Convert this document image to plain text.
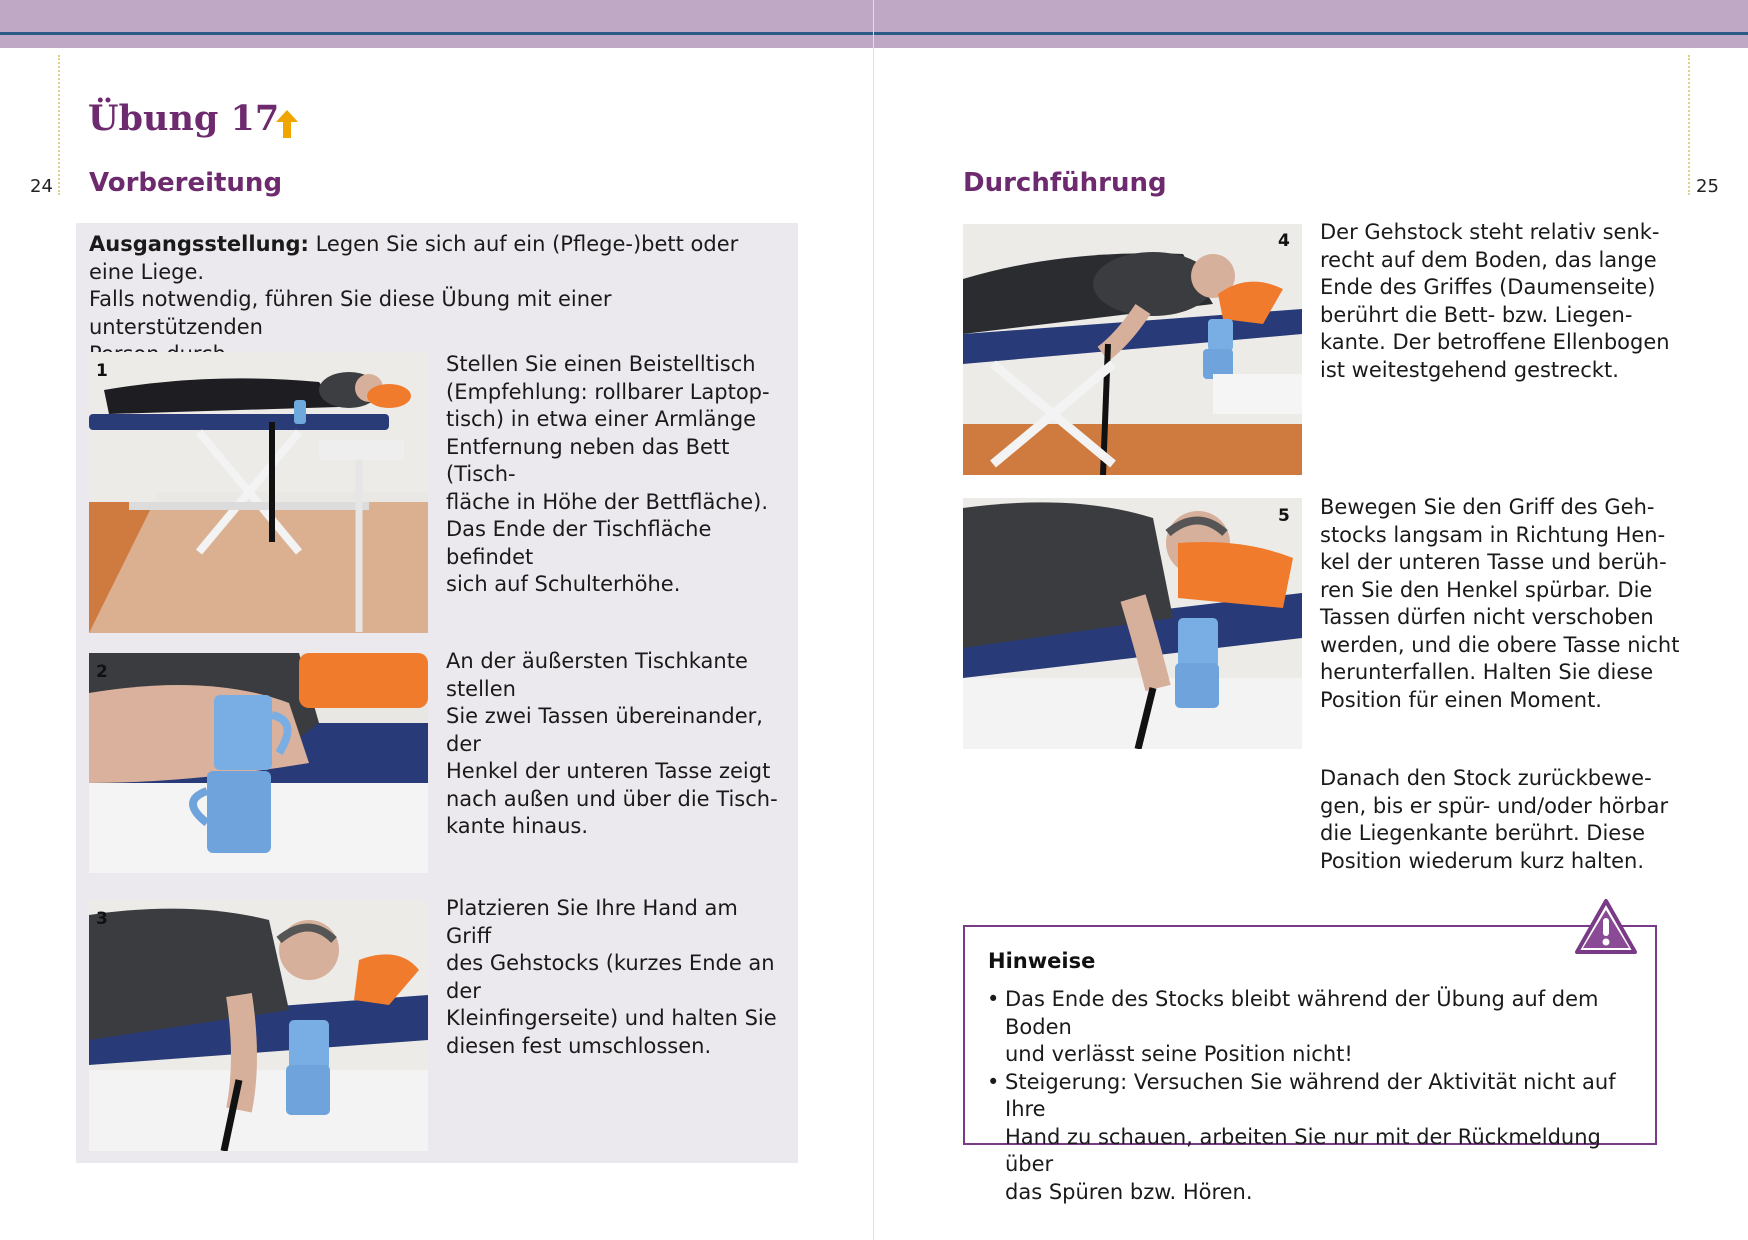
24	25
Übung 17
Vorbereitung
Ausgangsstellung: Legen Sie sich auf ein (Pflege-)bett oder eine Liege.
Falls notwendig, führen Sie diese Übung mit einer unterstützenden

1	Stellen Sie einen Beistelltisch
(Empfehlung: rollbarer Laptop-
tisch) in etwa einer Armlänge
Entfernung neben das Bett (Tisch-
fläche in Höhe der Bettfläche).
Das Ende der Tischfläche befindet
sich auf Schulterhöhe.
2	An der äußersten Tischkante stellen
Sie zwei Tassen übereinander, der
Henkel der unteren Tasse zeigt
nach außen und über die Tisch-
kante hinaus.
3	Platzieren Sie Ihre Hand am Griff
des Gehstocks (kurzes Ende an der
Kleinfingerseite) und halten Sie
diesen fest umschlossen.
Durchführung
4 Der Gehstock steht relativ senk-
recht auf dem Boden, das lange
Ende des Griffes (Daumenseite)
berührt die Bett- bzw. Liegen-
kante. Der betroffene Ellenbogen
ist weitestgehend gestreckt.
5 Bewegen Sie den Griff des Geh-
stocks langsam in Richtung Hen-
kel der unteren Tasse und berüh-
ren Sie den Henkel spürbar. Die
Tassen dürfen nicht verschoben
werden, und die obere Tasse nicht
herunterfallen. Halten Sie diese
Position für einen Moment.
Danach den Stock zurückbewe-
gen, bis er spür- und/oder hörbar
die Liegenkante berührt. Diese
Position wiederum kurz halten.
Hinweise
• Das Ende des Stocks bleibt während der Übung auf dem Boden
und verlässt seine Position nicht!
• Steigerung: Versuchen Sie während der Aktivität nicht auf Ihre
Hand zu schauen, arbeiten Sie nur mit der Rückmeldung über
das Spüren bzw. Hören.
